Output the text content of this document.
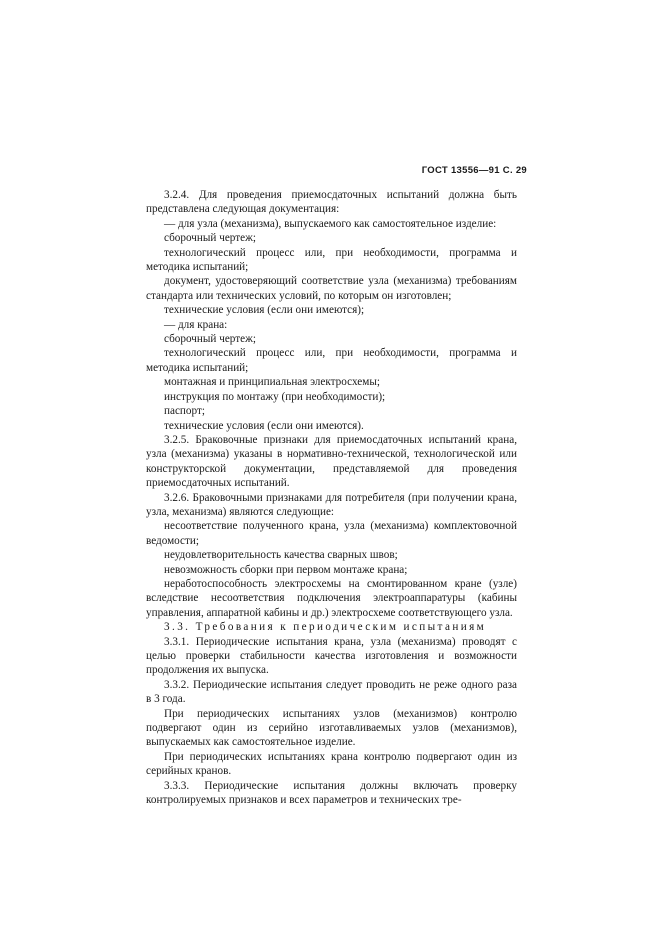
ГОСТ 13556—91 С. 29

3.2.4. Для проведения приемосдаточных испытаний должна быть представлена следующая документация:

— для узла (механизма), выпускаемого как самостоятельное изделие:

сборочный чертеж;

технологический процесс или, при необходимости, программа и методика испытаний;

документ, удостоверяющий соответствие узла (механизма) требованиям стандарта или технических условий, по которым он изготовлен;

технические условия (если они имеются);

— для крана:

сборочный чертеж;

технологический процесс или, при необходимости, программа и методика испытаний;

монтажная и принципиальная электросхемы;

инструкция по монтажу (при необходимости);

паспорт;

технические условия (если они имеются).

3.2.5. Браковочные признаки для приемосдаточных испытаний крана, узла (механизма) указаны в нормативно-технической, технологической или конструкторской документации, представляемой для проведения приемосдаточных испытаний.

3.2.6. Браковочными признаками для потребителя (при получении крана, узла, механизма) являются следующие:

несоответствие полученного крана, узла (механизма) комплектовочной ведомости;

неудовлетворительность качества сварных швов;

невозможность сборки при первом монтаже крана;

неработоспособность электросхемы на смонтированном кране (узле) вследствие несоответствия подключения электроаппаратуры (кабины управления, аппаратной кабины и др.) электросхеме соответствующего узла.

3.3. Требования к периодическим испытаниям

3.3.1. Периодические испытания крана, узла (механизма) проводят с целью проверки стабильности качества изготовления и возможности продолжения их выпуска.

3.3.2. Периодические испытания следует проводить не реже одного раза в 3 года.

При периодических испытаниях узлов (механизмов) контролю подвергают один из серийно изготавливаемых узлов (механизмов), выпускаемых как самостоятельное изделие.

При периодических испытаниях крана контролю подвергают один из серийных кранов.

3.3.3. Периодические испытания должны включать проверку контролируемых признаков и всех параметров и технических тре-
